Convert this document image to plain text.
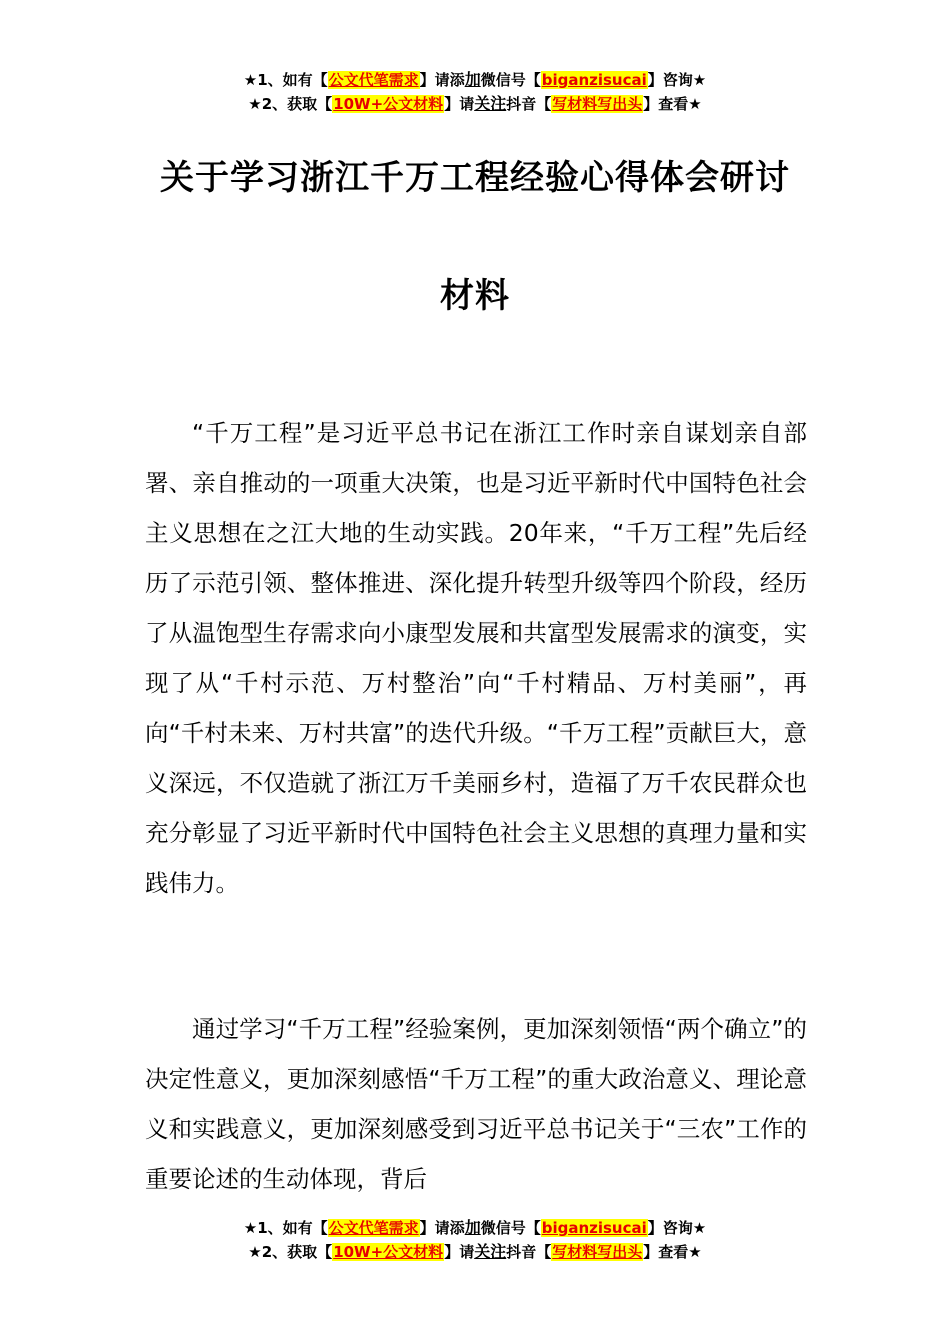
★1、如有【公文代笔需求】请添加微信号【biganzisucai】咨询★
★2、获取【10W+公文材料】请关注抖音【写材料写出头】查看★
关于学习浙江千万工程经验心得体会研讨
材料

“千万工程”是习近平总书记在浙江工作时亲自谋划亲自部署、亲自推动的一项重大决策，也是习近平新时代中国特色社会主义思想在之江大地的生动实践。20年来，“千万工程”先后经历了示范引领、整体推进、深化提升转型升级等四个阶段，经历了从温饱型生存需求向小康型发展和共富型发展需求的演变，实现了从“千村示范、万村整治”向“千村精品、万村美丽”，再向“千村未来、万村共富”的迭代升级。“千万工程”贡献巨大，意义深远，不仅造就了浙江万千美丽乡村，造福了万千农民群众也充分彰显了习近平新时代中国特色社会主义思想的真理力量和实践伟力。

通过学习“千万工程”经验案例，更加深刻领悟“两个确立”的决定性意义，更加深刻感悟“千万工程”的重大政治意义、理论意义和实践意义，更加深刻感受到习近平总书记关于“三农”工作的重要论述的生动体现，背后

★1、如有【公文代笔需求】请添加微信号【biganzisucai】咨询★
★2、获取【10W+公文材料】请关注抖音【写材料写出头】查看★
